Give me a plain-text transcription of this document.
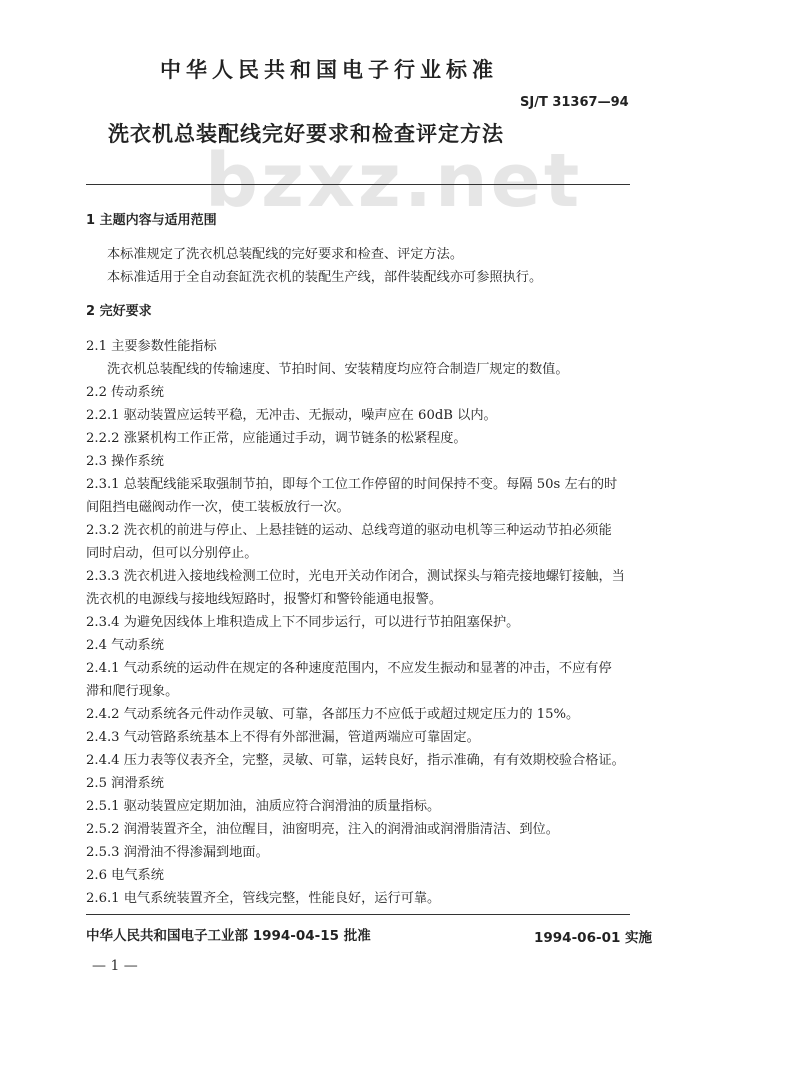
bzxz.net
中华人民共和国电子行业标准
SJ/T 31367—94
洗衣机总装配线完好要求和检查评定方法
1 主题内容与适用范围
本标准规定了洗衣机总装配线的完好要求和检查、评定方法。
本标准适用于全自动套缸洗衣机的装配生产线，部件装配线亦可参照执行。
2 完好要求
2.1 主要参数性能指标
洗衣机总装配线的传输速度、节拍时间、安装精度均应符合制造厂规定的数值。
2.2 传动系统
2.2.1 驱动装置应运转平稳，无冲击、无振动，噪声应在 60dB 以内。
2.2.2 涨紧机构工作正常，应能通过手动，调节链条的松紧程度。
2.3 操作系统
2.3.1 总装配线能采取强制节拍，即每个工位工作停留的时间保持不变。每隔 50s 左右的时
间阻挡电磁阀动作一次，使工装板放行一次。
2.3.2 洗衣机的前进与停止、上悬挂链的运动、总线弯道的驱动电机等三种运动节拍必须能
同时启动，但可以分别停止。
2.3.3 洗衣机进入接地线检测工位时，光电开关动作闭合，测试探头与箱壳接地螺钉接触，当
洗衣机的电源线与接地线短路时，报警灯和警铃能通电报警。
2.3.4 为避免因线体上堆积造成上下不同步运行，可以进行节拍阻塞保护。
2.4 气动系统
2.4.1 气动系统的运动件在规定的各种速度范围内，不应发生振动和显著的冲击，不应有停
滞和爬行现象。
2.4.2 气动系统各元件动作灵敏、可靠，各部压力不应低于或超过规定压力的 15%。
2.4.3 气动管路系统基本上不得有外部泄漏，管道两端应可靠固定。
2.4.4 压力表等仪表齐全，完整，灵敏、可靠，运转良好，指示准确，有有效期校验合格证。
2.5 润滑系统
2.5.1 驱动装置应定期加油，油质应符合润滑油的质量指标。
2.5.2 润滑装置齐全，油位醒目，油窗明亮，注入的润滑油或润滑脂清洁、到位。
2.5.3 润滑油不得渗漏到地面。
2.6 电气系统
2.6.1 电气系统装置齐全，管线完整，性能良好，运行可靠。
中华人民共和国电子工业部 1994-04-15 批准	1994-06-01 实施
— 1 —
